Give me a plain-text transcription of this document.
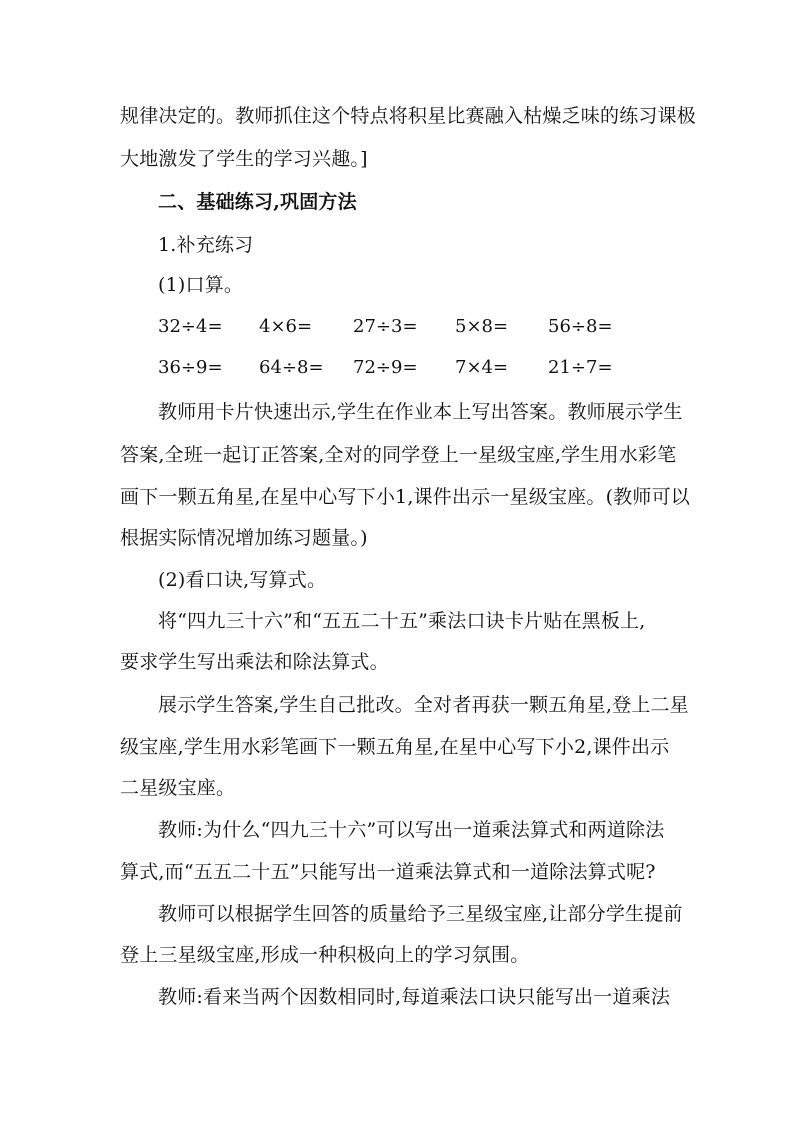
规律决定的。教师抓住这个特点将积星比赛融入枯燥乏味的练习课极
大地激发了学生的学习兴趣。]
二、基础练习,巩固方法
1.补充练习
(1)口算。
32÷4= 4×6= 27÷3= 5×8= 56÷8=
36÷9= 64÷8= 72÷9= 7×4= 21÷7=
教师用卡片快速出示,学生在作业本上写出答案。教师展示学生
答案,全班一起订正答案,全对的同学登上一星级宝座,学生用水彩笔
画下一颗五角星,在星中心写下小1,课件出示一星级宝座。(教师可以
根据实际情况增加练习题量。)
(2)看口诀,写算式。
将“四九三十六”和“五五二十五”乘法口诀卡片贴在黑板上,
要求学生写出乘法和除法算式。
展示学生答案,学生自己批改。全对者再获一颗五角星,登上二星
级宝座,学生用水彩笔画下一颗五角星,在星中心写下小2,课件出示
二星级宝座。
教师:为什么“四九三十六”可以写出一道乘法算式和两道除法
算式,而“五五二十五”只能写出一道乘法算式和一道除法算式呢?
教师可以根据学生回答的质量给予三星级宝座,让部分学生提前
登上三星级宝座,形成一种积极向上的学习氛围。
教师:看来当两个因数相同时,每道乘法口诀只能写出一道乘法
